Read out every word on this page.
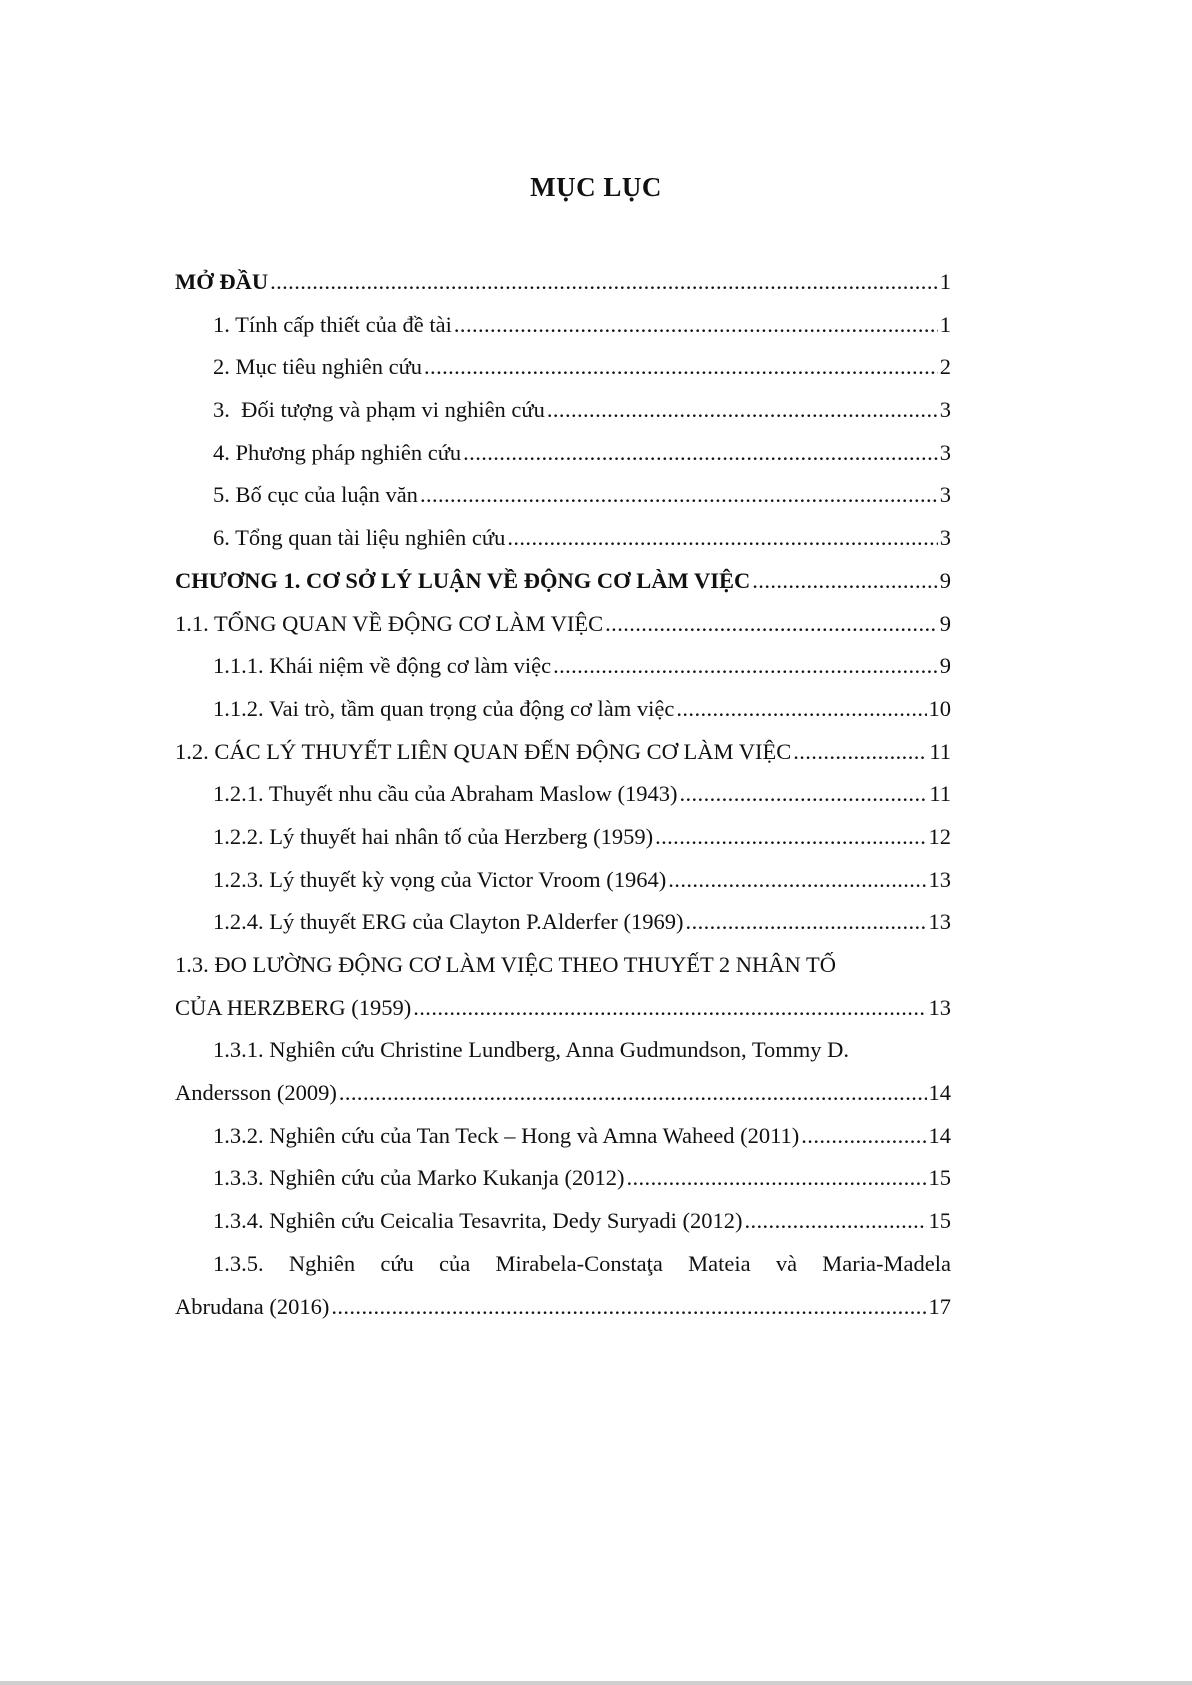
MỤC LỤC
MỞ ĐẦU .....	1
1. Tính cấp thiết của đề tài .....	1
2. Mục tiêu nghiên cứu .....	2
3.  Đối tượng và phạm vi nghiên cứu .....	3
4. Phương pháp nghiên cứu .....	3
5. Bố cục của luận văn .....	3
6. Tổng quan tài liệu nghiên cứu .....	3
CHƯƠNG 1. CƠ SỞ LÝ LUẬN VỀ ĐỘNG CƠ LÀM VIỆC .....	9
1.1. TỔNG QUAN VỀ ĐỘNG CƠ LÀM VIỆC .....	9
1.1.1. Khái niệm về động cơ làm việc .....	9
1.1.2. Vai trò, tầm quan trọng của động cơ làm việc .....	10
1.2. CÁC LÝ THUYẾT LIÊN QUAN ĐẾN ĐỘNG CƠ LÀM VIỆC .....	11
1.2.1. Thuyết nhu cầu của Abraham Maslow (1943) .....	11
1.2.2. Lý thuyết hai nhân tố của Herzberg (1959) .....	12
1.2.3. Lý thuyết kỳ vọng của Victor Vroom (1964) .....	13
1.2.4. Lý thuyết ERG của Clayton P.Alderfer (1969) .....	13
1.3. ĐO LƯỜNG ĐỘNG CƠ LÀM VIỆC THEO THUYẾT 2 NHÂN TỐ
CỦA HERZBERG (1959) .....	13
1.3.1. Nghiên cứu Christine Lundberg, Anna Gudmundson, Tommy D.
Andersson (2009) .....	14
1.3.2. Nghiên cứu của Tan Teck – Hong và Amna Waheed (2011) .....	14
1.3.3. Nghiên cứu của Marko Kukanja (2012) .....	15
1.3.4. Nghiên cứu Ceicalia Tesavrita, Dedy Suryadi (2012) .....	15
1.3.5. Nghiên cứu của Mirabela-Constaţa Mateia và Maria-Madela
Abrudana (2016) .....	17
